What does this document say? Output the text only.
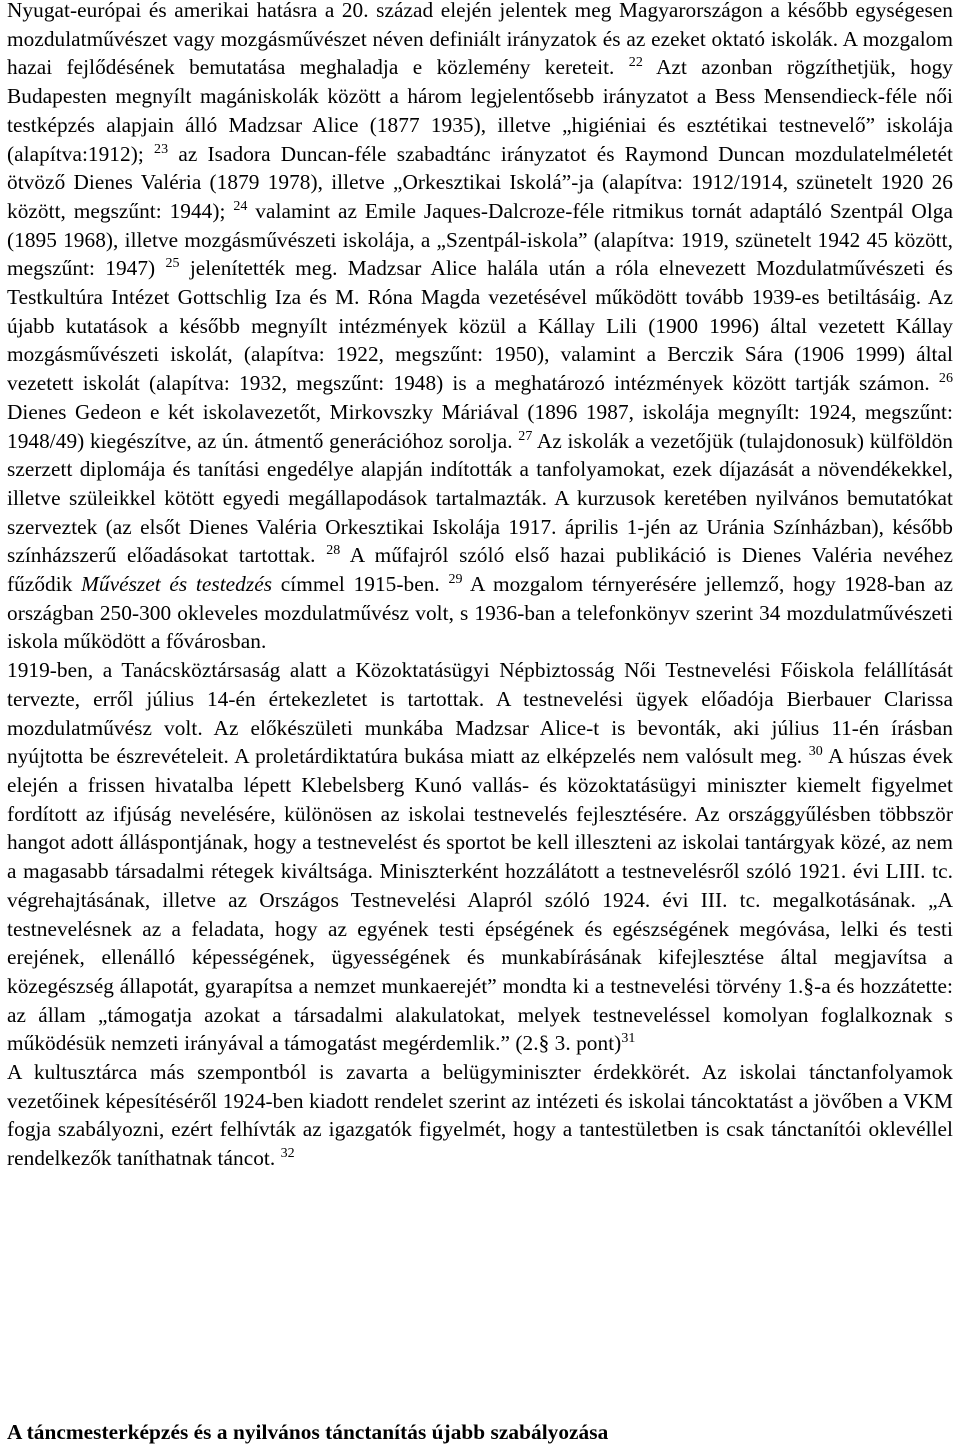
Nyugat-európai és amerikai hatásra a 20. század elején jelentek meg Magyarországon a később egységesen mozdulatművészet vagy mozgásművészet néven definiált irányzatok és az ezeket oktató iskolák. A mozgalom hazai fejlődésének bemutatása meghaladja e közlemény kereteit. $^{22}$ Azt azonban rögzíthetjük, hogy Budapesten megnyílt magániskolák között a három legjelentősebb irányzatot a Bess Mensendieck-féle női testképzés alapjain álló Madzsar Alice (1877 1935), illetve „higiéniai és esztétikai testnevelő” iskolája (alapítva:1912); $^{23}$ az Isadora Duncan-féle szabadtánc irányzatot és Raymond Duncan mozdulatelméletét ötvöző Dienes Valéria (1879 1978), illetve „Orkesztikai Iskolá”-ja (alapítva: 1912/1914, szünetelt 1920 26 között, megszűnt: 1944); $^{24}$ valamint az Emile Jaques-Dalcroze-féle ritmikus tornát adaptáló Szentpál Olga (1895 1968), illetve mozgásművészeti iskolája, a „Szentpál-iskola” (alapítva: 1919, szünetelt 1942 45 között, megszűnt: 1947) $^{25}$ jelenítették meg. Madzsar Alice halála után a róla elnevezett Mozdulatművészeti és Testkultúra Intézet Gottschlig Iza és M. Róna Magda vezetésével működött tovább 1939-es betiltásáig. Az újabb kutatások a később megnyílt intézmények közül a Kállay Lili (1900 1996) által vezetett Kállay mozgásművészeti iskolát, (alapítva: 1922, megszűnt: 1950), valamint a Berczik Sára (1906 1999) által vezetett iskolát (alapítva: 1932, megszűnt: 1948) is a meghatározó intézmények között tartják számon. $^{26}$ Dienes Gedeon e két iskolavezetőt, Mirkovszky Máriával (1896 1987, iskolája megnyílt: 1924, megszűnt: 1948/49) kiegészítve, az ún. átmentő generációhoz sorolja. $^{27}$ Az iskolák a vezetőjük (tulajdonosuk) külföldön szerzett diplomája és tanítási engedélye alapján indították a tanfolyamokat, ezek díjazását a növendékekkel, illetve szüleikkel kötött egyedi megállapodások tartalmazták. A kurzusok keretében nyilvános bemutatókat szerveztek (az elsőt Dienes Valéria Orkesztikai Iskolája 1917. április 1-jén az Uránia Színházban), később színházszerű előadásokat tartottak. $^{28}$ A műfajról szóló első hazai publikáció is Dienes Valéria nevéhez fűződik Művészet és testedzés címmel 1915-ben. $^{29}$ A mozgalom térnyerésére jellemző, hogy 1928-ban az országban 250-300 okleveles mozdulatművész volt, s 1936-ban a telefonkönyv szerint 34 mozdulatművészeti iskola működött a fővárosban.

1919-ben, a Tanácsköztársaság alatt a Közoktatásügyi Népbiztosság Női Testnevelési Főiskola felállítását tervezte, erről július 14-én értekezletet is tartottak. A testnevelési ügyek előadója Bierbauer Clarissa mozdulatművész volt. Az előkészületi munkába Madzsar Alice-t is bevonták, aki július 11-én írásban nyújtotta be észrevételeit. A proletárdiktatúra bukása miatt az elképzelés nem valósult meg. $^{30}$ A húszas évek elején a frissen hivatalba lépett Klebelsberg Kunó vallás- és közoktatásügyi miniszter kiemelt figyelmet fordított az ifjúság nevelésére, különösen az iskolai testnevelés fejlesztésére. Az országgyűlésben többször hangot adott álláspontjának, hogy a testnevelést és sportot be kell illeszteni az iskolai tantárgyak közé, az nem a magasabb társadalmi rétegek kiváltsága. Miniszterként hozzálátott a testnevelésről szóló 1921. évi LIII. tc. végrehajtásának, illetve az Országos Testnevelési Alapról szóló 1924. évi III. tc. megalkotásának. „A testnevelésnek az a feladata, hogy az egyének testi épségének és egészségének megóvása, lelki és testi erejének, ellenálló képességének, ügyességének és munkabírásának kifejlesztése által megjavítsa a közegészség állapotát, gyarapítsa a nemzet munkaerejét” mondta ki a testnevelési törvény 1.§-a és hozzátette: az állam „támogatja azokat a társadalmi alakulatokat, melyek testneveléssel komolyan foglalkoznak s működésük nemzeti irányával a támogatást megérdemlik.” (2.§ 3. pont)$^{31}$

A kultusztárca más szempontból is zavarta a belügyminiszter érdekkörét. Az iskolai tánctanfolyamok vezetőinek képesítéséről 1924-ben kiadott rendelet szerint az intézeti és iskolai táncoktatást a jövőben a VKM fogja szabályozni, ezért felhívták az igazgatók figyelmét, hogy a tantestületben is csak tánctanítói oklevéllel rendelkezők taníthatnak táncot. $^{32}$

A táncmesterképzés és a nyilvános tánctanítás újabb szabályozása
